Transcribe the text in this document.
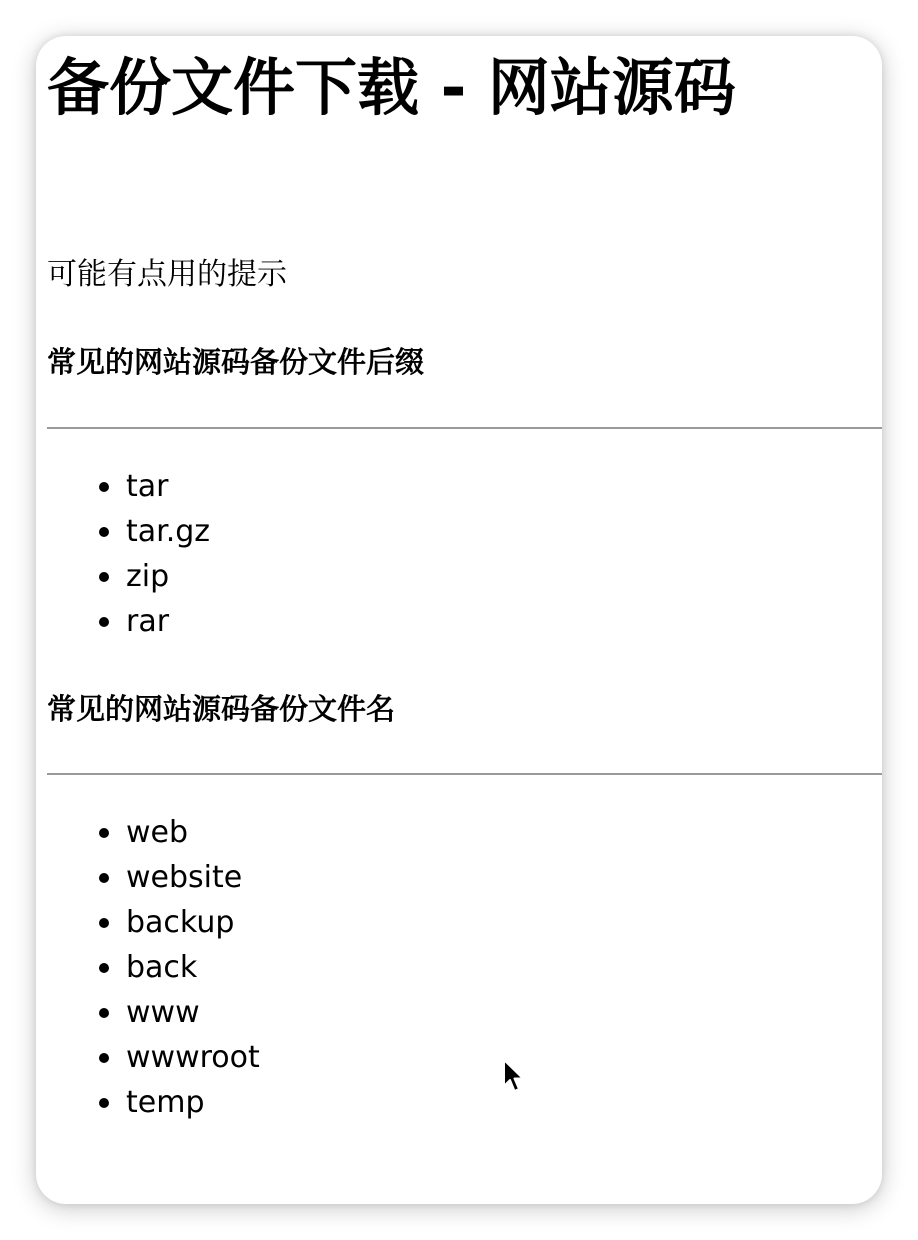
备份文件下载 - 网站源码

可能有点用的提示

常见的网站源码备份文件后缀
tar
tar.gz
zip
rar
常见的网站源码备份文件名
web
website
backup
back
www
wwwroot
temp
